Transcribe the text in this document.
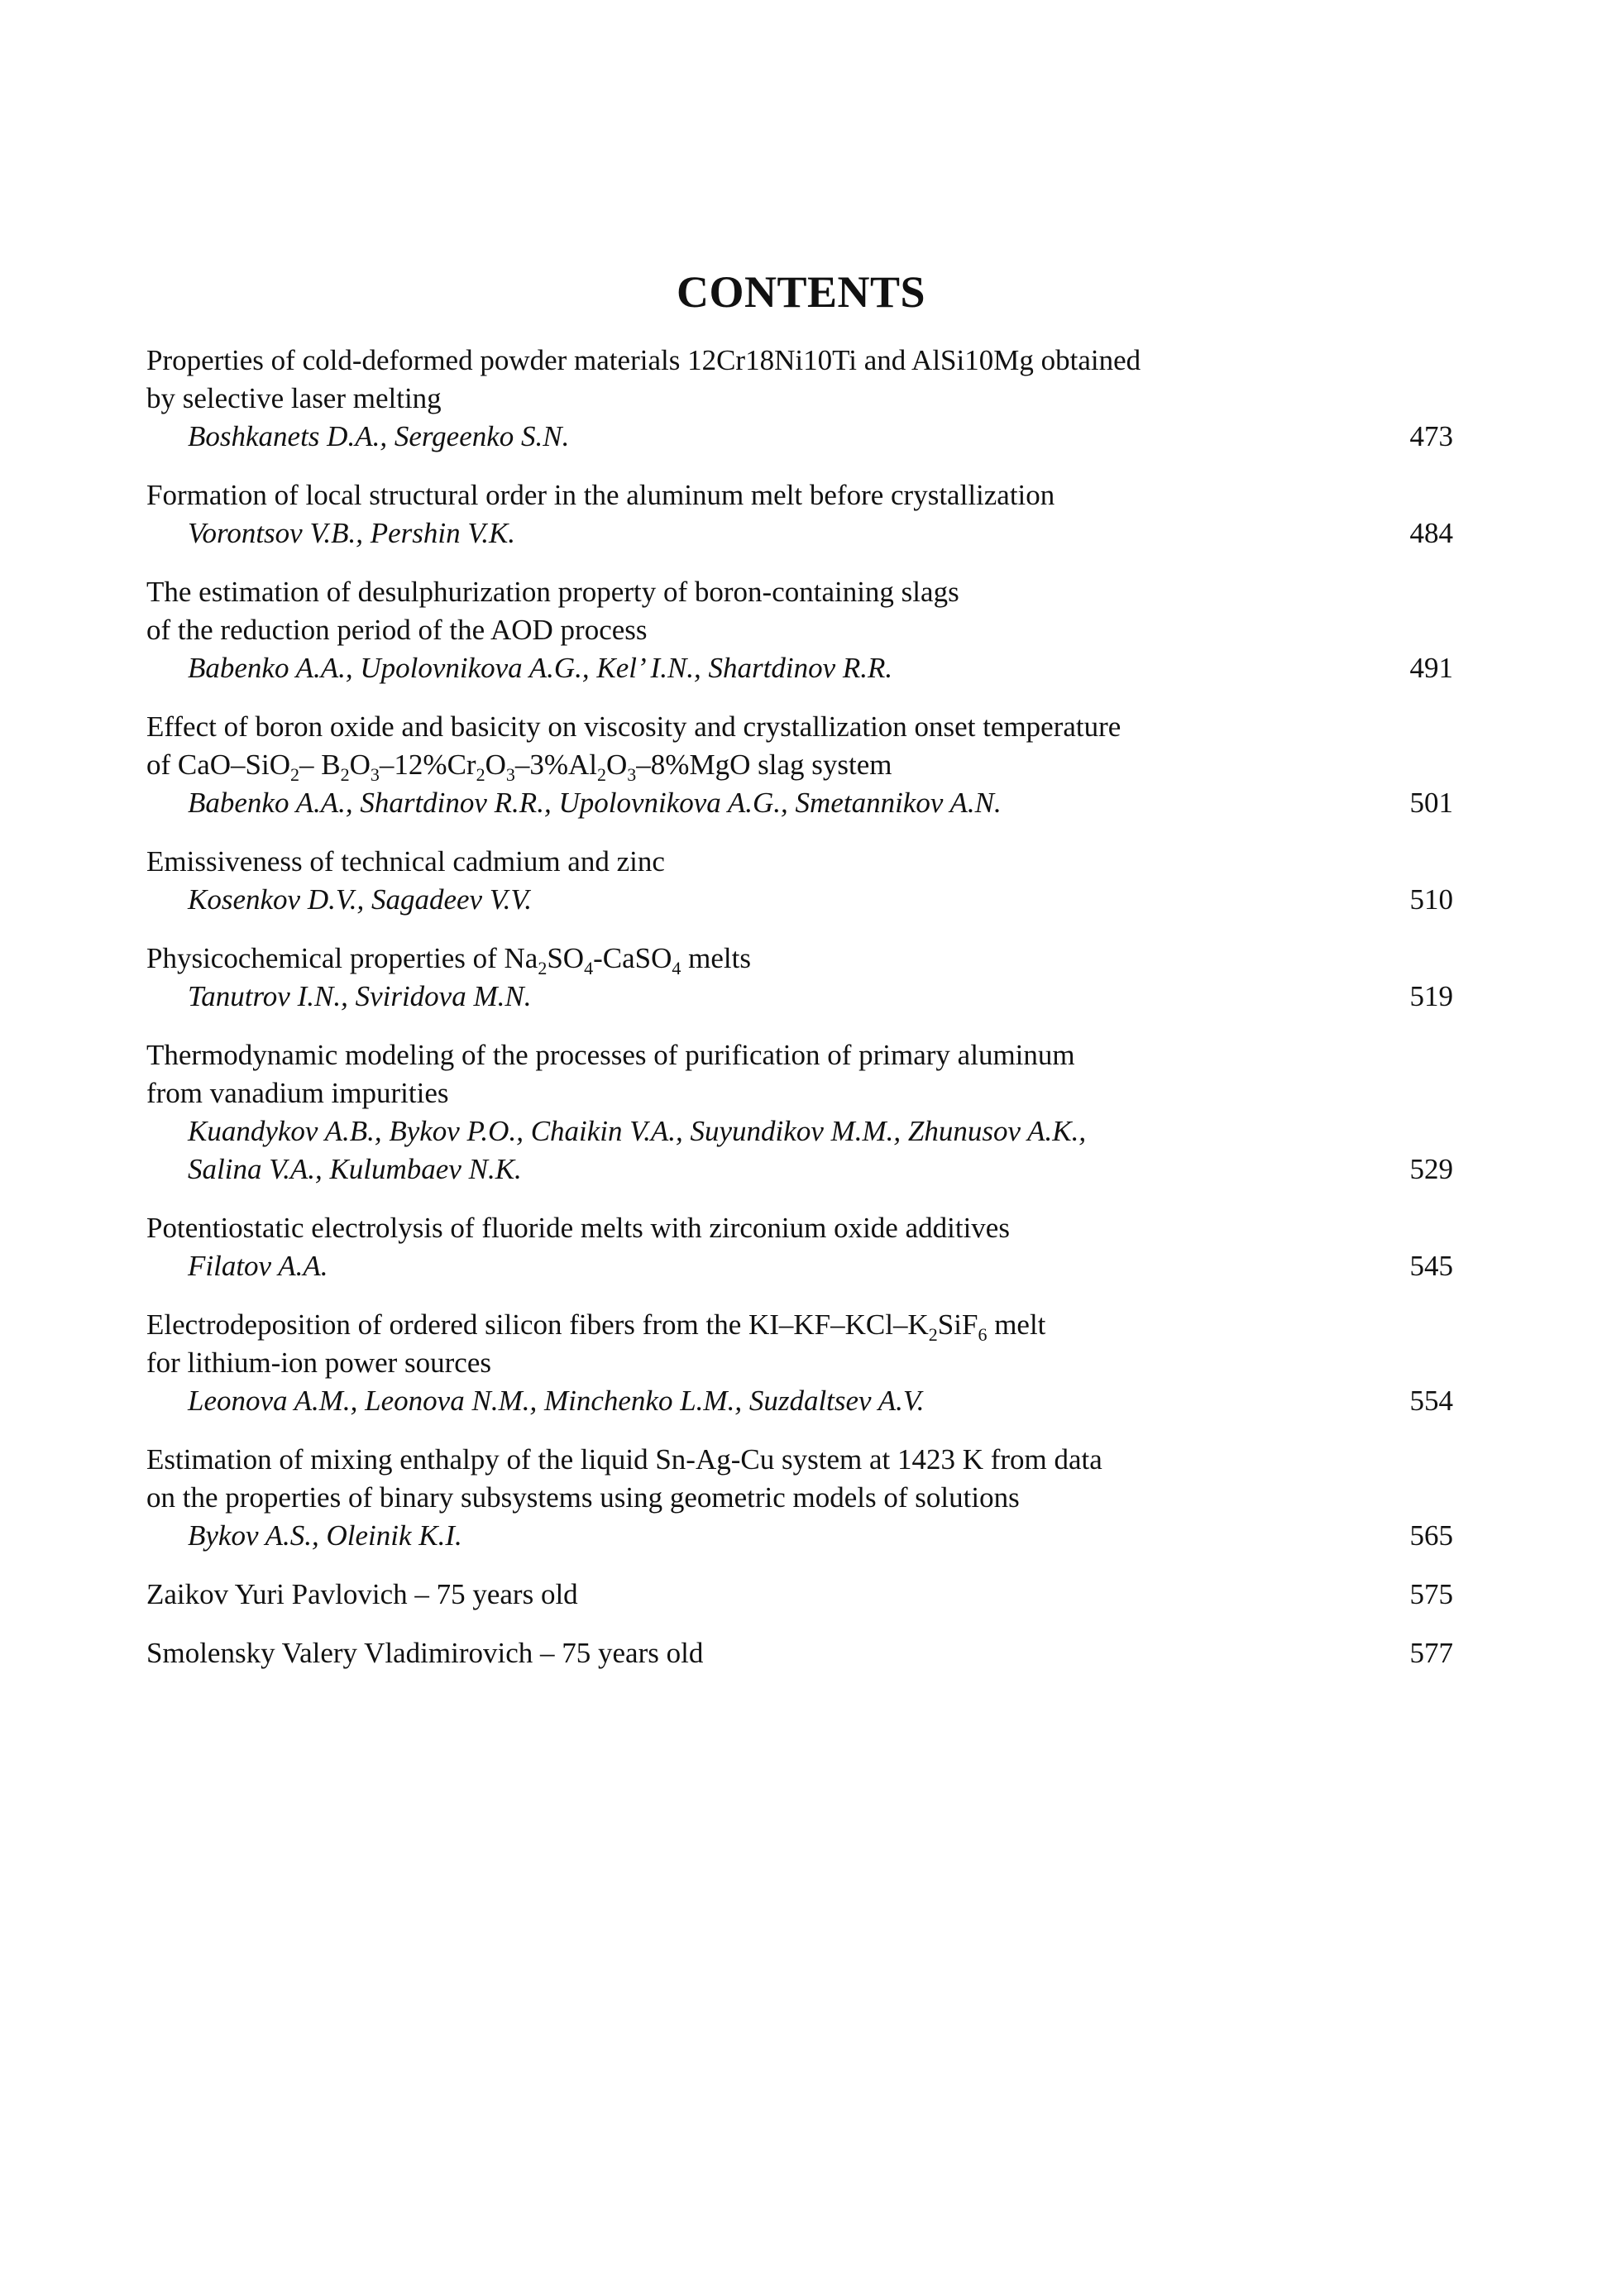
CONTENTS
Properties of cold-deformed powder materials 12Cr18Ni10Ti and AlSi10Mg obtained
by selective laser melting
Boshkanets D.A., Sergeenko S.N.	473
Formation of local structural order in the aluminum melt before crystallization
Vorontsov V.B., Pershin V.K.	484
The estimation of desulphurization property of boron-containing slags
of the reduction period of the AOD process
Babenko A.A., Upolovnikova A.G., Kel’ I.N., Shartdinov R.R.	491
Effect of boron oxide and basicity on viscosity and crystallization onset temperature
of CaO–SiO$_2$– $B_2O_3-12\%Cr_2O_3-3\%Al_2O_3-8\%MgO$ slag system
Babenko A.A., Shartdinov R.R., Upolovnikova A.G., Smetannikov A.N.	501
Emissiveness of technical cadmium and zinc
Kosenkov D.V., Sagadeev V.V.	510
Physicochemical properties of $Na_2SO_4-CaSO_4$ melts
Tanutrov I.N., Sviridova M.N.	519
Thermodynamic modeling of the processes of purification of primary aluminum
from vanadium impurities
Kuandykov A.B., Bykov P.O., Chaikin V.A., Suyundikov M.M., Zhunusov A.K.,
Salina V.A., Kulumbaev N.K.	529
Potentiostatic electrolysis of fluoride melts with zirconium oxide additives
Filatov A.A.	545
Electrodeposition of ordered silicon fibers from the $KI-KF-KCl-K_2SiF_6$ melt
for lithium-ion power sources
Leonova A.M., Leonova N.M., Minchenko L.M., Suzdaltsev A.V.	554
Estimation of mixing enthalpy of the liquid Sn-Ag-Cu system at 1423 K from data
on the properties of binary subsystems using geometric models of solutions
Bykov A.S., Oleinik K.I.	565
Zaikov Yuri Pavlovich – 75 years old	575
Smolensky Valery Vladimirovich – 75 years old	577
